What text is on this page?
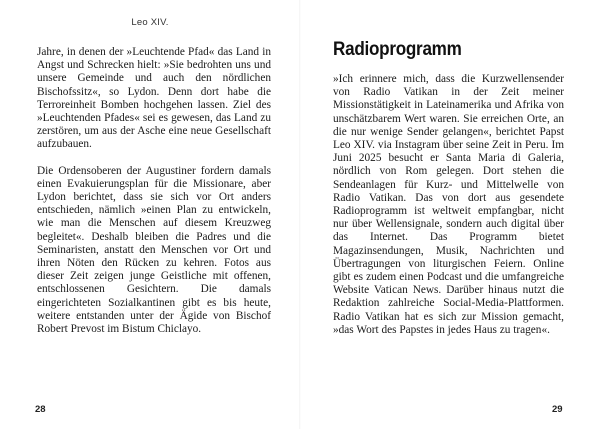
Leo XIV.

Jahre, in denen der »Leuchtende Pfad« das Land in Angst und Schrecken hielt: »Sie bedrohten uns und unsere Gemeinde und auch den nördlichen Bischofssitz«, so Lydon. Denn dort habe die Terroreinheit Bomben hochgehen lassen. Ziel des »Leuchtenden Pfades« sei es gewesen, das Land zu zerstören, um aus der Asche eine neue Gesellschaft aufzubauen.

Die Ordensoberen der Augustiner fordern damals einen Evakuierungsplan für die Missionare, aber Lydon berichtet, dass sie sich vor Ort anders entschieden, nämlich »einen Plan zu entwickeln, wie man die Menschen auf diesem Kreuzweg begleitet«. Deshalb bleiben die Padres und die Seminaristen, anstatt den Menschen vor Ort und ihren Nöten den Rücken zu kehren. Fotos aus dieser Zeit zeigen junge Geistliche mit offenen, entschlossenen Gesichtern. Die damals eingerichteten Sozialkantinen gibt es bis heute, weitere entstanden unter der Ägide von Bischof Robert Prevost im Bistum Chiclayo.

28
Radioprogramm

»Ich erinnere mich, dass die Kurzwellensender von Radio Vatikan in der Zeit meiner Missionstätigkeit in Lateinamerika und Afrika von unschätzbarem Wert waren. Sie erreichen Orte, an die nur wenige Sender gelangen«, berichtet Papst Leo XIV. via Instagram über seine Zeit in Peru. Im Juni 2025 besucht er Santa Maria di Galeria, nördlich von Rom gelegen. Dort stehen die Sendeanlagen für Kurz- und Mittelwelle von Radio Vatikan. Das von dort aus gesendete Radioprogramm ist weltweit empfangbar, nicht nur über Wellensignale, sondern auch digital über das Internet. Das Programm bietet Magazinsendungen, Musik, Nachrichten und Übertragungen von liturgischen Feiern. Online gibt es zudem einen Podcast und die umfangreiche Website Vatican News. Darüber hinaus nutzt die Redaktion zahlreiche Social-Media-Plattformen. Radio Vatikan hat es sich zur Mission gemacht, »das Wort des Papstes in jedes Haus zu tragen«.

29
